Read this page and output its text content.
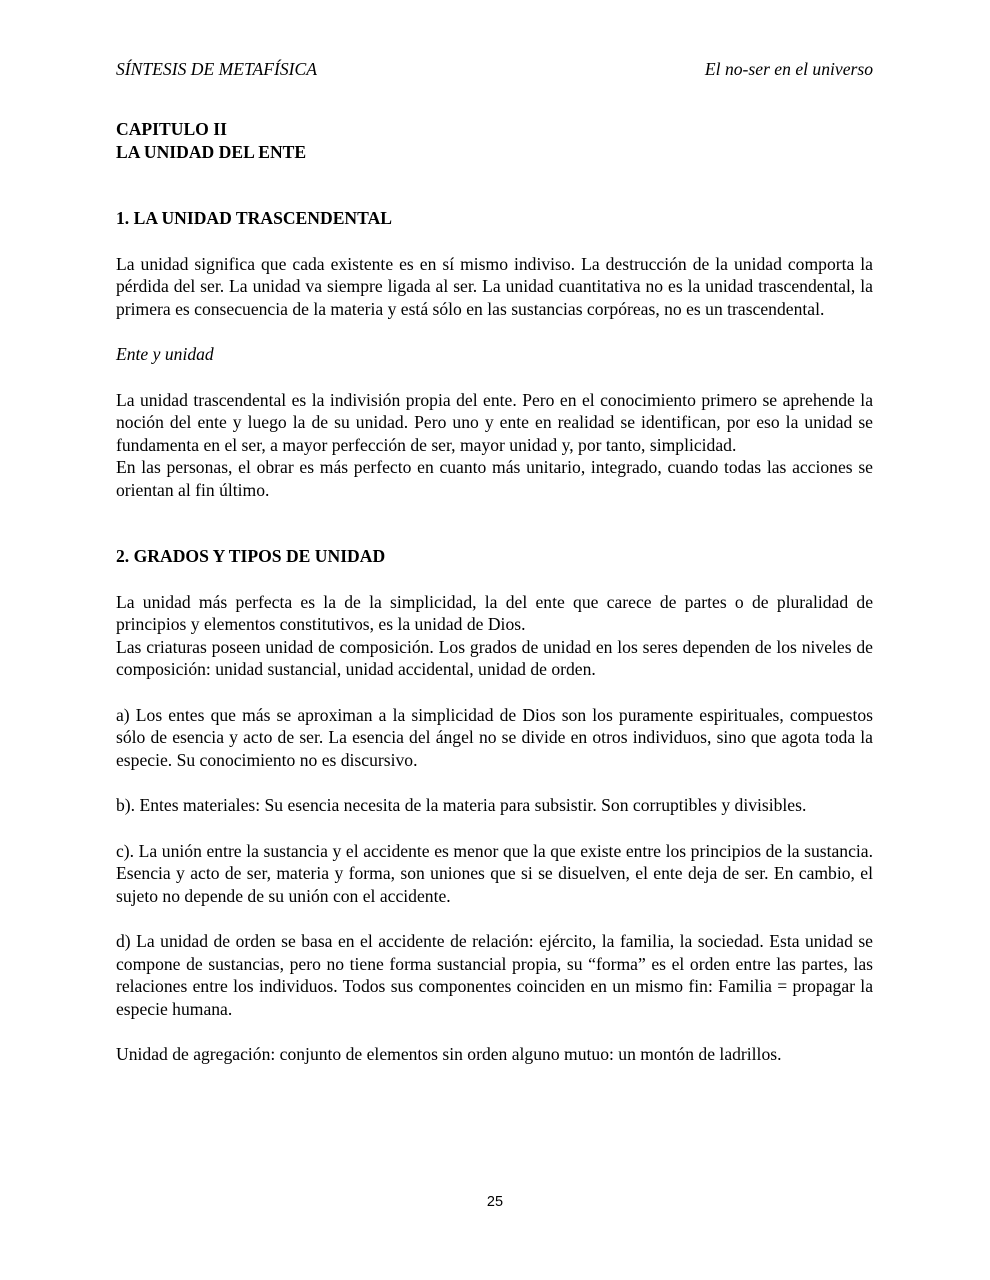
SÍNTESIS DE METAFÍSICA	El no-ser en el universo
CAPITULO II
LA UNIDAD DEL ENTE

1. LA UNIDAD TRASCENDENTAL

La unidad significa que cada existente es en sí mismo indiviso. La destrucción de la unidad comporta la pérdida del ser. La unidad va siempre ligada al ser. La unidad cuantitativa no es la unidad trascendental, la primera es consecuencia de la materia y está sólo en las sustancias corpóreas, no es un trascendental.

Ente y unidad

La unidad trascendental es la indivisión propia del ente. Pero en el conocimiento primero se aprehende la noción del ente y luego la de su unidad. Pero uno y ente en realidad se identifican, por eso la unidad se fundamenta en el ser, a mayor perfección de ser, mayor unidad y, por tanto, simplicidad.

En las personas, el obrar es más perfecto en cuanto más unitario, integrado, cuando todas las acciones se orientan al fin último.

2. GRADOS Y TIPOS DE UNIDAD

La unidad más perfecta es la de la simplicidad, la del ente que carece de partes o de pluralidad de principios y elementos constitutivos, es la unidad de Dios.

Las criaturas poseen unidad de composición. Los grados de unidad en los seres dependen de los niveles de composición: unidad sustancial, unidad accidental, unidad de orden.

a) Los entes que más se aproximan a la simplicidad de Dios son los puramente espirituales, compuestos sólo de esencia y acto de ser. La esencia del ángel no se divide en otros individuos, sino que agota toda la especie. Su conocimiento no es discursivo.

b). Entes materiales: Su esencia necesita de la materia para subsistir. Son corruptibles y divisibles.

c). La unión entre la sustancia y el accidente es menor que la que existe entre los principios de la sustancia. Esencia y acto de ser, materia y forma, son uniones que si se disuelven, el ente deja de ser. En cambio, el sujeto no depende de su unión con el accidente.

d) La unidad de orden se basa en el accidente de relación: ejército, la familia, la sociedad. Esta unidad se compone de sustancias, pero no tiene forma sustancial propia, su “forma” es el orden entre las partes, las relaciones entre los individuos. Todos sus componentes coinciden en un mismo fin: Familia = propagar la especie humana.

Unidad de agregación: conjunto de elementos sin orden alguno mutuo: un montón de ladrillos.

25
